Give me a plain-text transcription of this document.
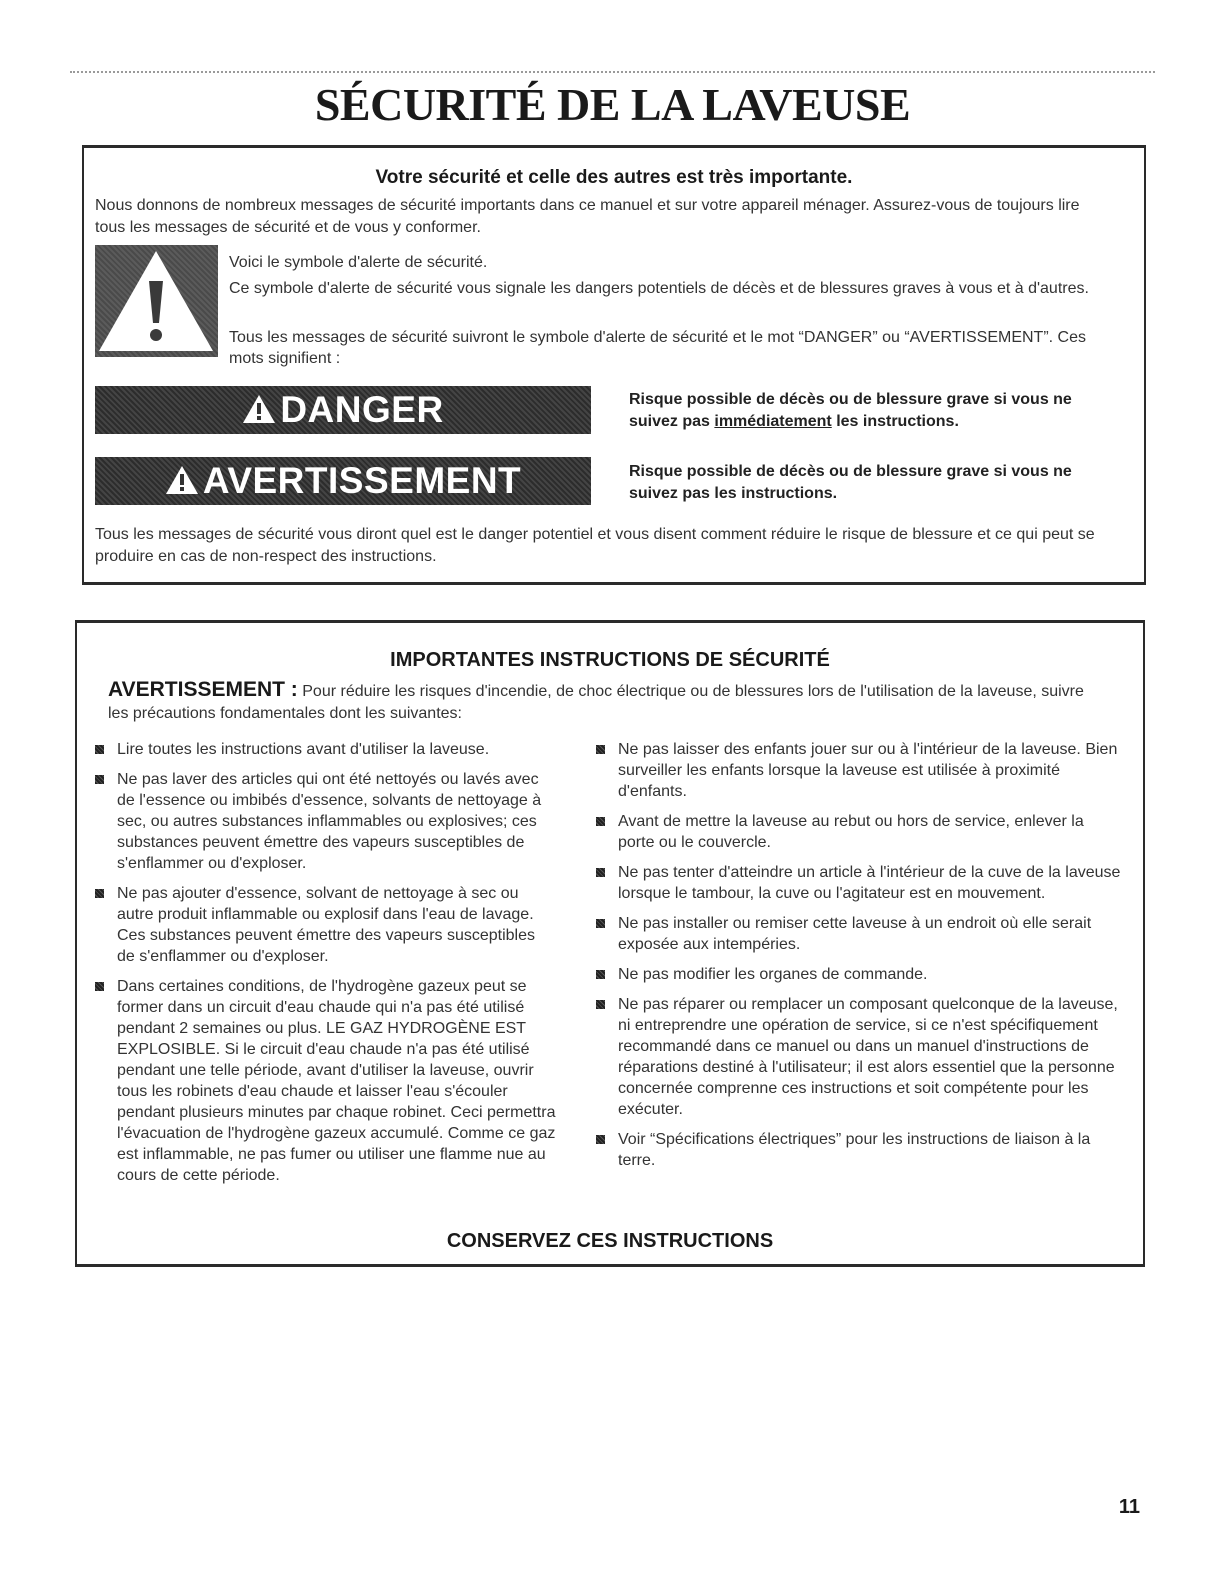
SÉCURITÉ DE LA LAVEUSE
Votre sécurité et celle des autres est très importante.
Nous donnons de nombreux messages de sécurité importants dans ce manuel et sur votre appareil ménager. Assurez-vous de toujours lire tous les messages de sécurité et de vous y conformer.
Voici le symbole d'alerte de sécurité.
Ce symbole d'alerte de sécurité vous signale les dangers potentiels de décès et de blessures graves à vous et à d'autres.
Tous les messages de sécurité suivront le symbole d'alerte de sécurité et le mot “DANGER” ou “AVERTISSEMENT”. Ces mots signifient :
DANGER	Risque possible de décès ou de blessure grave si vous ne suivez pas immédiatement les instructions.
AVERTISSEMENT	Risque possible de décès ou de blessure grave si vous ne suivez pas les instructions.
Tous les messages de sécurité vous diront quel est le danger potentiel et vous disent comment réduire le risque de blessure et ce qui peut se produire en cas de non-respect des instructions.
IMPORTANTES INSTRUCTIONS DE SÉCURITÉ
AVERTISSEMENT : Pour réduire les risques d'incendie, de choc électrique ou de blessures lors de l'utilisation de la laveuse, suivre les précautions fondamentales dont les suivantes:
Lire toutes les instructions avant d'utiliser la laveuse.
Ne pas laver des articles qui ont été nettoyés ou lavés avec de l'essence ou imbibés d'essence, solvants de nettoyage à sec, ou autres substances inflammables ou explosives; ces substances peuvent émettre des vapeurs susceptibles de s'enflammer ou d'exploser.
Ne pas ajouter d'essence, solvant de nettoyage à sec ou autre produit inflammable ou explosif dans l'eau de lavage. Ces substances peuvent émettre des vapeurs susceptibles de s'enflammer ou d'exploser.
Dans certaines conditions, de l'hydrogène gazeux peut se former dans un circuit d'eau chaude qui n'a pas été utilisé pendant 2 semaines ou plus. LE GAZ HYDROGÈNE EST EXPLOSIBLE. Si le circuit d'eau chaude n'a pas été utilisé pendant une telle période, avant d'utiliser la laveuse, ouvrir tous les robinets d'eau chaude et laisser l'eau s'écouler pendant plusieurs minutes par chaque robinet. Ceci permettra l'évacuation de l'hydrogène gazeux accumulé. Comme ce gaz est inflammable, ne pas fumer ou utiliser une flamme nue au cours de cette période.
Ne pas laisser des enfants jouer sur ou à l'intérieur de la laveuse. Bien surveiller les enfants lorsque la laveuse est utilisée à proximité d'enfants.
Avant de mettre la laveuse au rebut ou hors de service, enlever la porte ou le couvercle.
Ne pas tenter d'atteindre un article à l'intérieur de la cuve de la laveuse lorsque le tambour, la cuve ou l'agitateur est en mouvement.
Ne pas installer ou remiser cette laveuse à un endroit où elle serait exposée aux intempéries.
Ne pas modifier les organes de commande.
Ne pas réparer ou remplacer un composant quelconque de la laveuse, ni entreprendre une opération de service, si ce n'est spécifiquement recommandé dans ce manuel ou dans un manuel d'instructions de réparations destiné à l'utilisateur; il est alors essentiel que la personne concernée comprenne ces instructions et soit compétente pour les exécuter.
Voir “Spécifications électriques” pour les instructions de liaison à la terre.
CONSERVEZ CES INSTRUCTIONS
11
